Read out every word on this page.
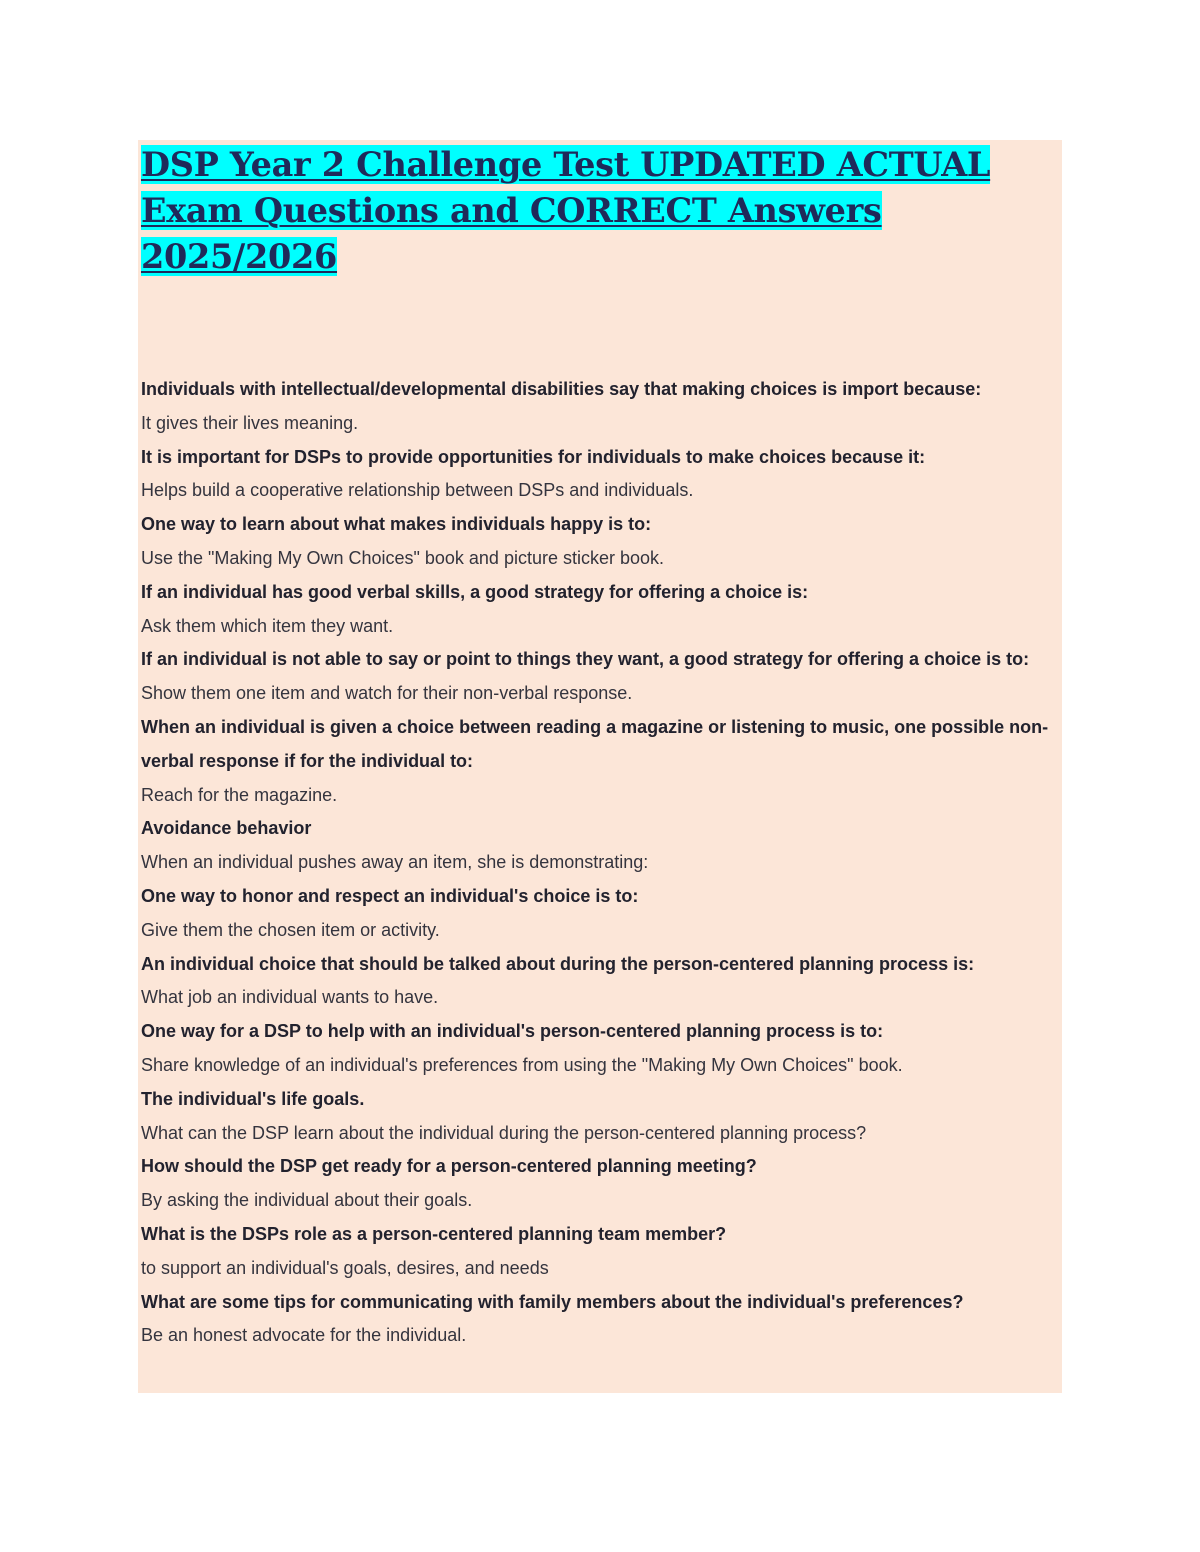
DSP Year 2 Challenge Test UPDATED ACTUAL Exam Questions and CORRECT Answers 2025/2026
Individuals with intellectual/developmental disabilities say that making choices is import because:
It gives their lives meaning.
It is important for DSPs to provide opportunities for individuals to make choices because it:
Helps build a cooperative relationship between DSPs and individuals.
One way to learn about what makes individuals happy is to:
Use the "Making My Own Choices" book and picture sticker book.
If an individual has good verbal skills, a good strategy for offering a choice is:
Ask them which item they want.
If an individual is not able to say or point to things they want, a good strategy for offering a choice is to:
Show them one item and watch for their non-verbal response.
When an individual is given a choice between reading a magazine or listening to music, one possible non-verbal response if for the individual to:
Reach for the magazine.
Avoidance behavior
When an individual pushes away an item, she is demonstrating:
One way to honor and respect an individual's choice is to:
Give them the chosen item or activity.
An individual choice that should be talked about during the person-centered planning process is:
What job an individual wants to have.
One way for a DSP to help with an individual's person-centered planning process is to:
Share knowledge of an individual's preferences from using the "Making My Own Choices" book.
The individual's life goals.
What can the DSP learn about the individual during the person-centered planning process?
How should the DSP get ready for a person-centered planning meeting?
By asking the individual about their goals.
What is the DSPs role as a person-centered planning team member?
to support an individual's goals, desires, and needs
What are some tips for communicating with family members about the individual's preferences?
Be an honest advocate for the individual.
